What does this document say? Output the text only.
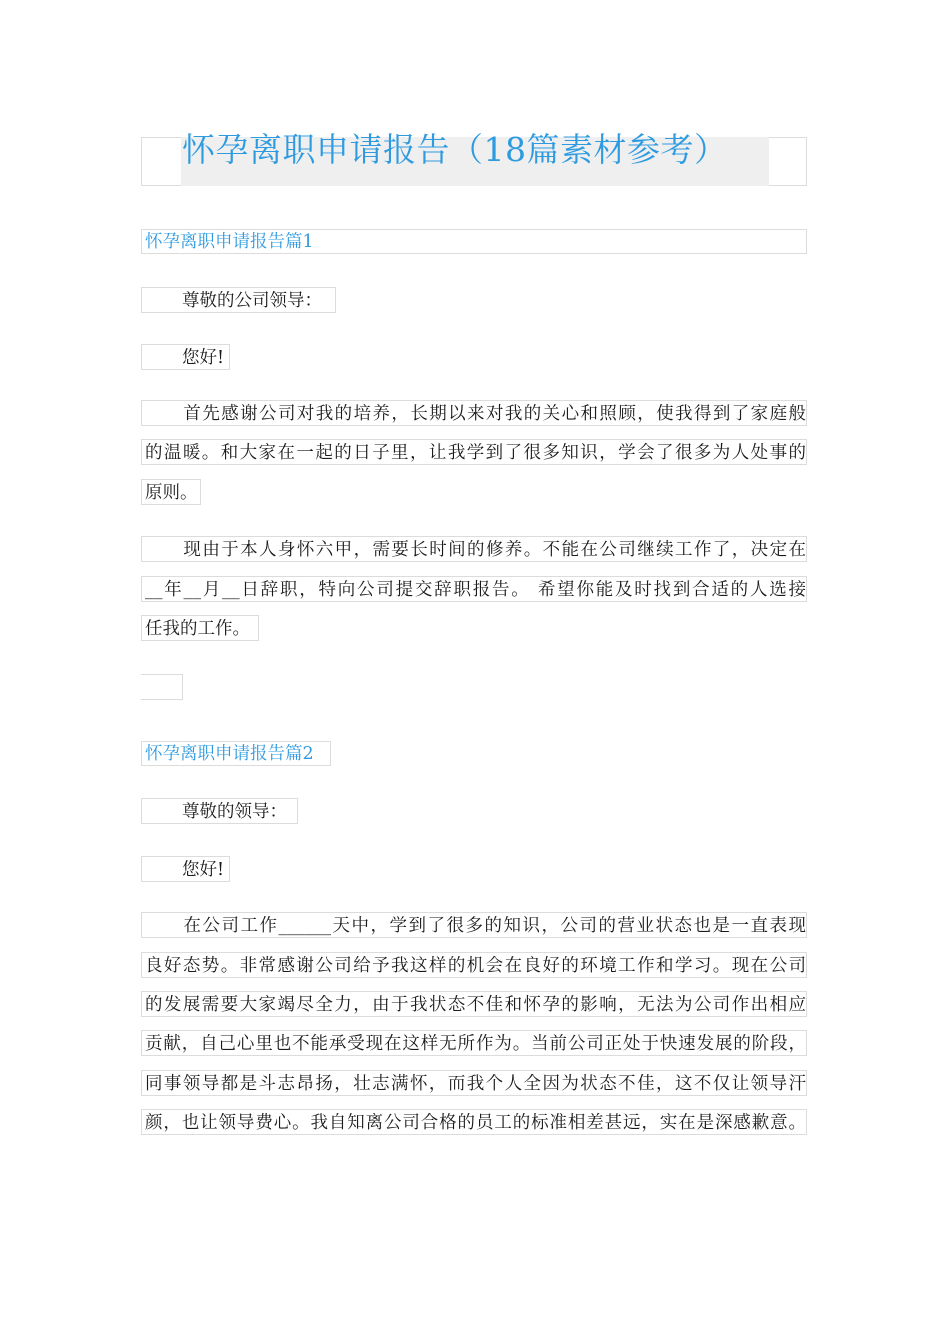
怀孕离职申请报告（18篇素材参考）
怀孕离职申请报告篇1
尊敬的公司领导：
您好!
首先感谢公司对我的培养，长期以来对我的关心和照顾，使我得到了家庭般
的温暖。和大家在一起的日子里，让我学到了很多知识，学会了很多为人处事的
原则。
现由于本人身怀六甲，需要长时间的修养。不能在公司继续工作了，决定在
__年__月__日辞职，特向公司提交辞职报告。 希望你能及时找到合适的人选接
任我的工作。
怀孕离职申请报告篇2
尊敬的领导：
您好!
在公司工作______天中，学到了很多的知识，公司的营业状态也是一直表现
良好态势。非常感谢公司给予我这样的机会在良好的环境工作和学习。现在公司
的发展需要大家竭尽全力，由于我状态不佳和怀孕的影响，无法为公司作出相应
贡献，自己心里也不能承受现在这样无所作为。当前公司正处于快速发展的阶段，
同事领导都是斗志昂扬，壮志满怀，而我个人全因为状态不佳，这不仅让领导汗
颜，也让领导费心。我自知离公司合格的员工的标准相差甚远，实在是深感歉意。
